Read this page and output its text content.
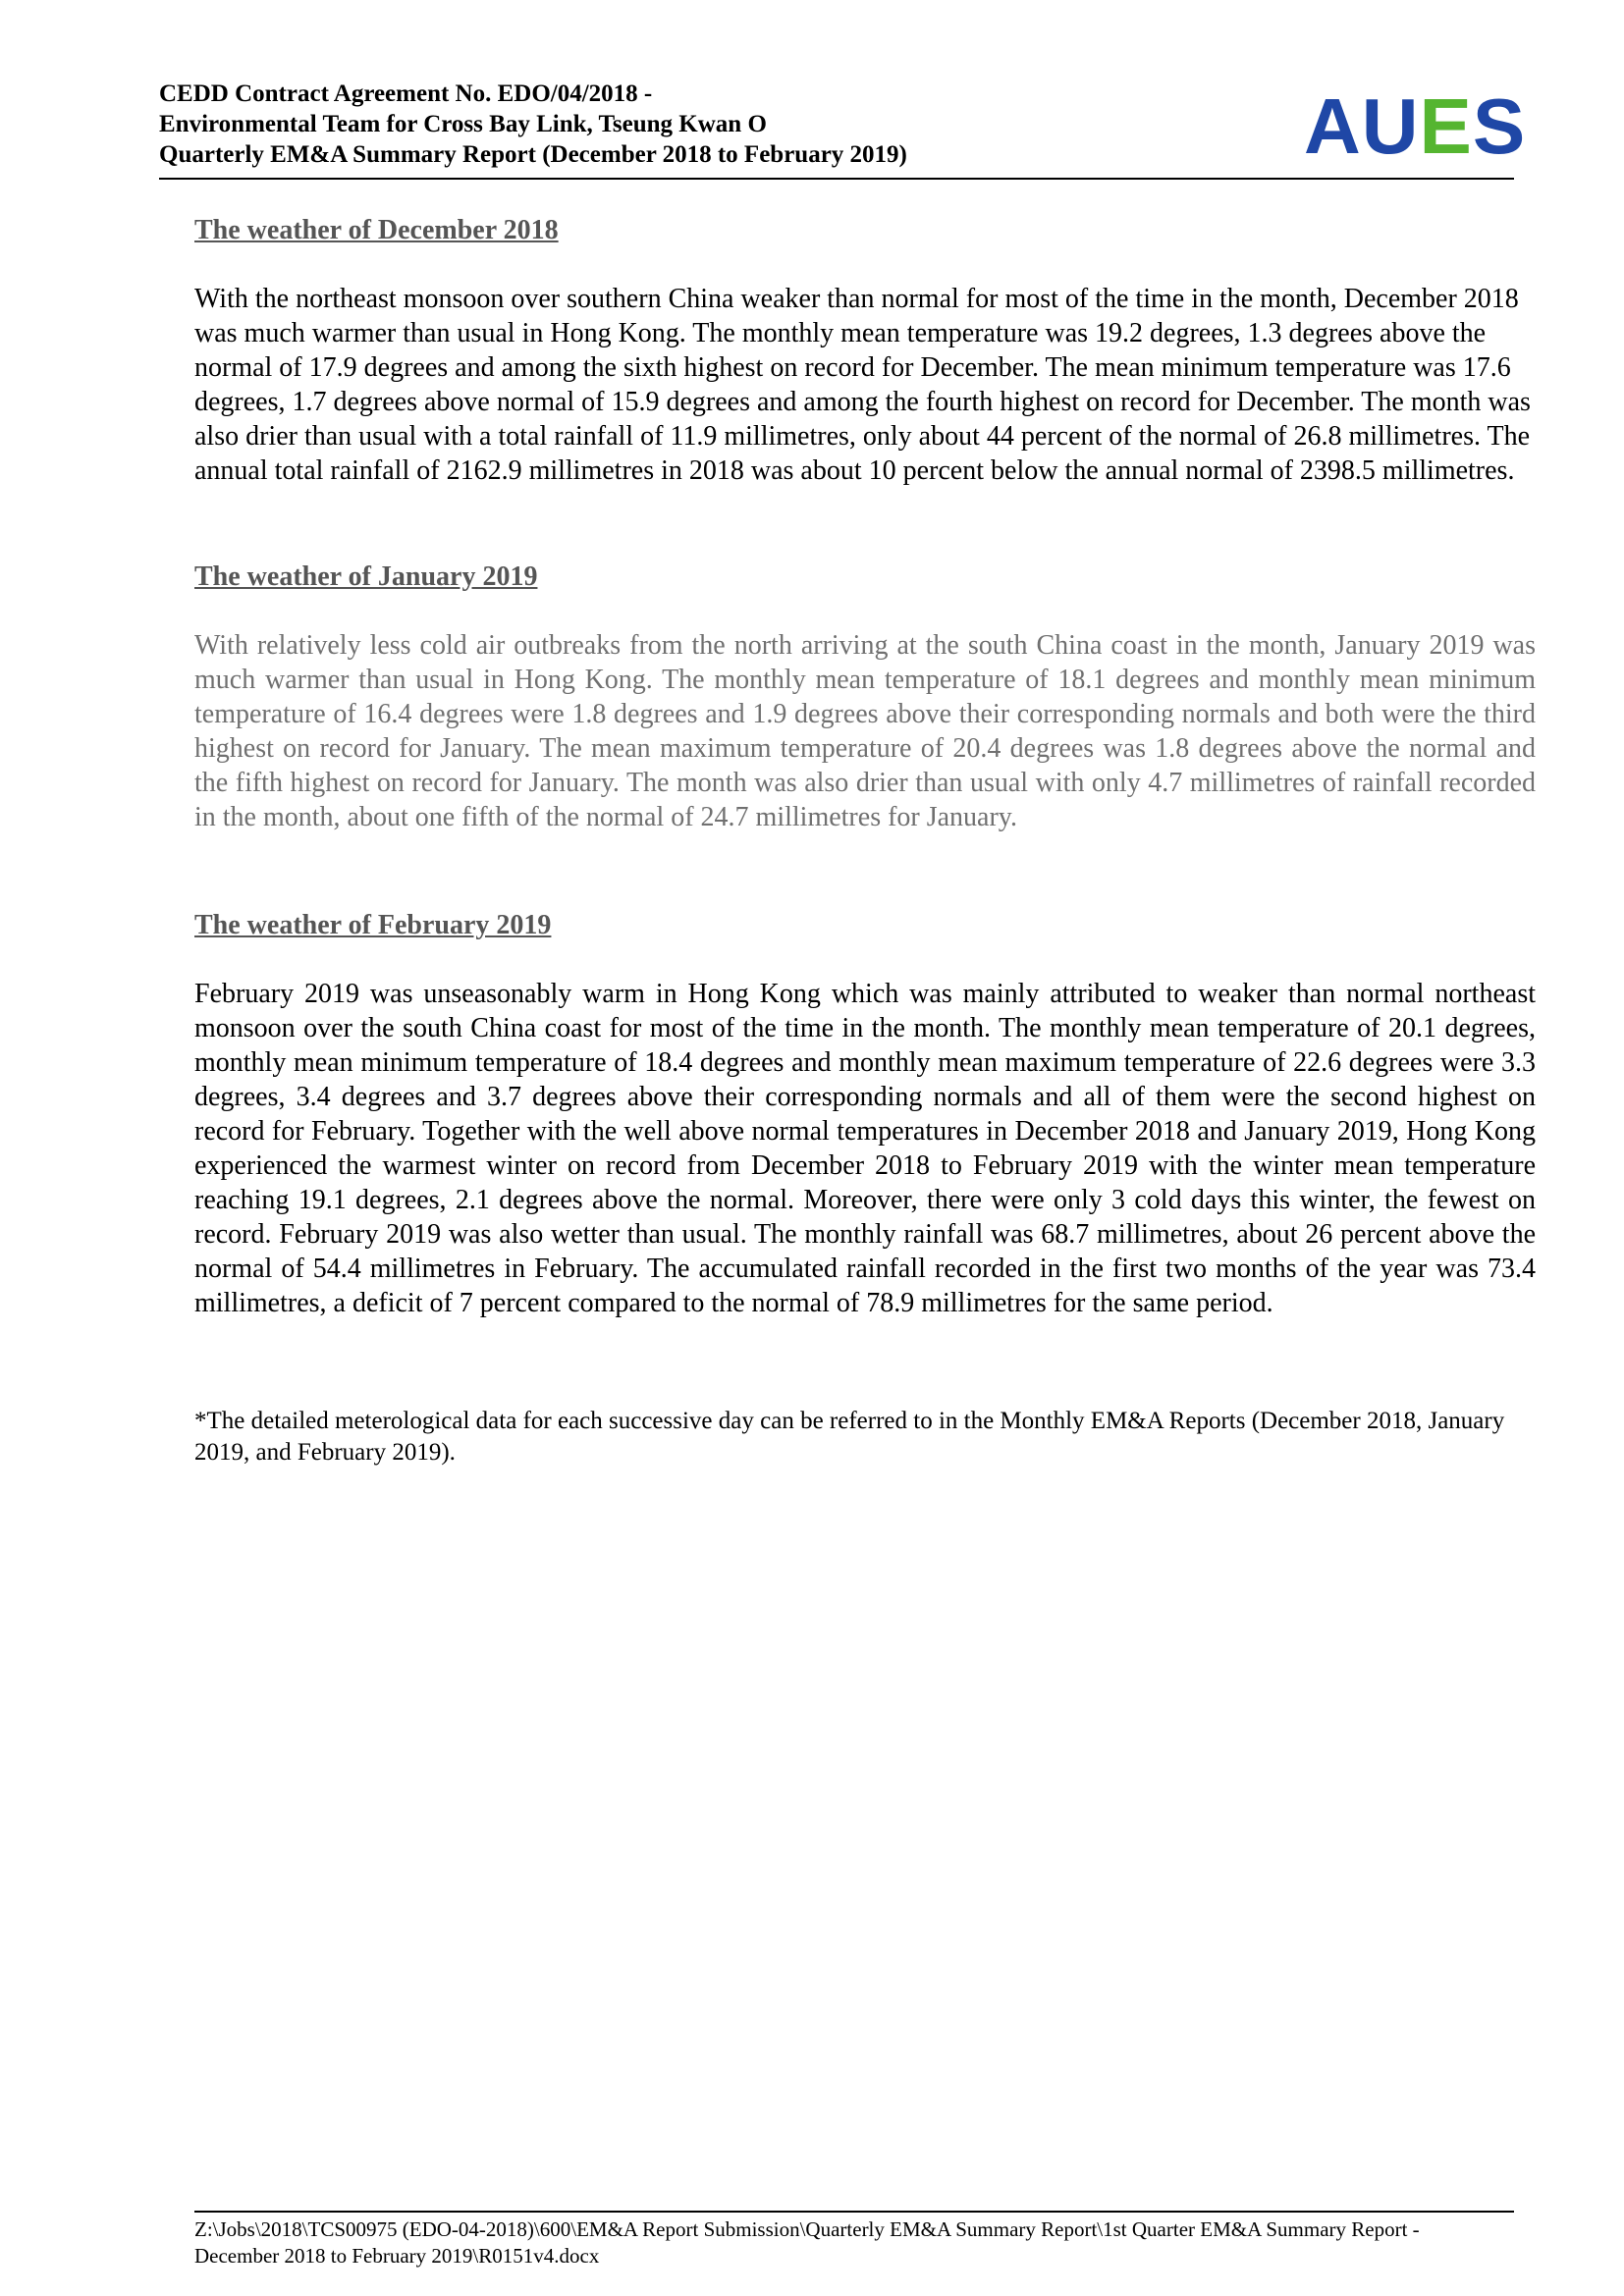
CEDD Contract Agreement No. EDO/04/2018 -
Environmental Team for Cross Bay Link, Tseung Kwan O
Quarterly EM&A Summary Report (December 2018 to February 2019)	AUES

The weather of December 2018

With the northeast monsoon over southern China weaker than normal for most of the time in the month, December 2018 was much warmer than usual in Hong Kong. The monthly mean temperature was 19.2 degrees, 1.3 degrees above the normal of 17.9 degrees and among the sixth highest on record for December. The mean minimum temperature was 17.6 degrees, 1.7 degrees above normal of 15.9 degrees and among the fourth highest on record for December. The month was also drier than usual with a total rainfall of 11.9 millimetres, only about 44 percent of the normal of 26.8 millimetres. The annual total rainfall of 2162.9 millimetres in 2018 was about 10 percent below the annual normal of 2398.5 millimetres.

The weather of January 2019

With relatively less cold air outbreaks from the north arriving at the south China coast in the month, January 2019 was much warmer than usual in Hong Kong. The monthly mean temperature of 18.1 degrees and monthly mean minimum temperature of 16.4 degrees were 1.8 degrees and 1.9 degrees above their corresponding normals and both were the third highest on record for January. The mean maximum temperature of 20.4 degrees was 1.8 degrees above the normal and the fifth highest on record for January. The month was also drier than usual with only 4.7 millimetres of rainfall recorded in the month, about one fifth of the normal of 24.7 millimetres for January.

The weather of February 2019

February 2019 was unseasonably warm in Hong Kong which was mainly attributed to weaker than normal northeast monsoon over the south China coast for most of the time in the month. The monthly mean temperature of 20.1 degrees, monthly mean minimum temperature of 18.4 degrees and monthly mean maximum temperature of 22.6 degrees were 3.3 degrees, 3.4 degrees and 3.7 degrees above their corresponding normals and all of them were the second highest on record for February. Together with the well above normal temperatures in December 2018 and January 2019, Hong Kong experienced the warmest winter on record from December 2018 to February 2019 with the winter mean temperature reaching 19.1 degrees, 2.1 degrees above the normal. Moreover, there were only 3 cold days this winter, the fewest on record. February 2019 was also wetter than usual. The monthly rainfall was 68.7 millimetres, about 26 percent above the normal of 54.4 millimetres in February. The accumulated rainfall recorded in the first two months of the year was 73.4 millimetres, a deficit of 7 percent compared to the normal of 78.9 millimetres for the same period.

*The detailed meterological data for each successive day can be referred to in the Monthly EM&A Reports (December 2018, January 2019, and February 2019).

Z:\Jobs\2018\TCS00975 (EDO-04-2018)\600\EM&A Report Submission\Quarterly EM&A Summary Report\1st Quarter EM&A Summary Report -
December 2018 to February 2019\R0151v4.docx
